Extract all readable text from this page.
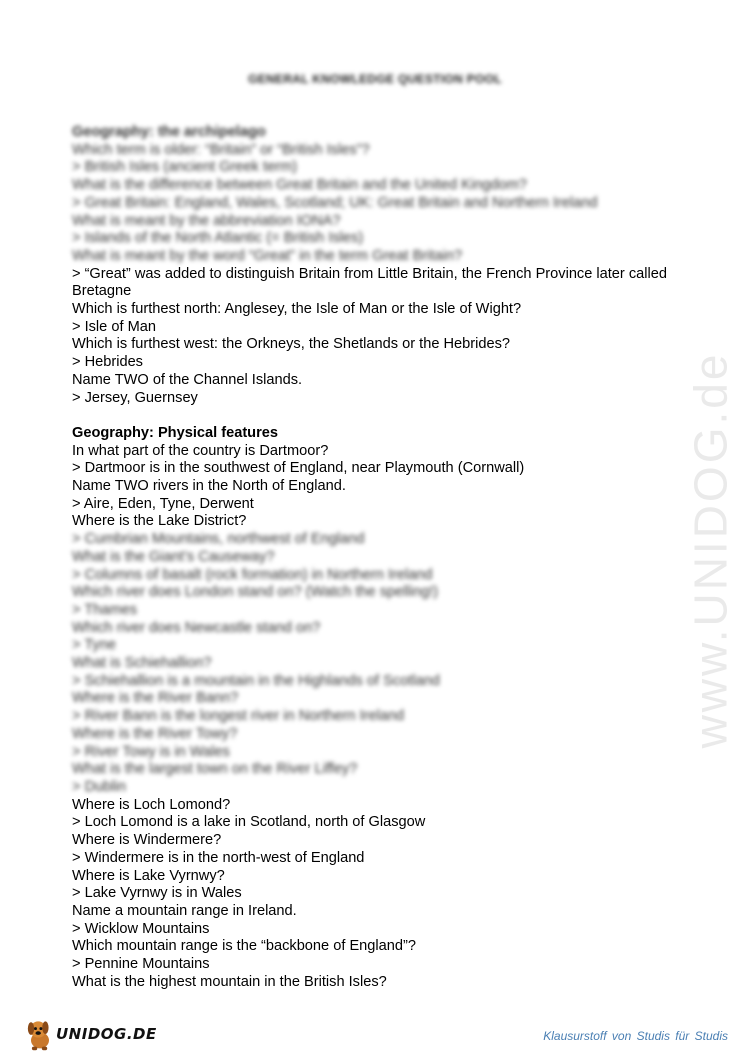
GENERAL KNOWLEDGE QUESTION POOL
Geography: the archipelago
Which term is older: “Britain” or “British Isles”?
> British Isles (ancient Greek term)
What is the difference between Great Britain and the United Kingdom?
> Great Britain: England, Wales, Scotland; UK: Great Britain and Northern Ireland
What is meant by the abbreviation IONA?
> Islands of the North Atlantic (= British Isles)
What is meant by the word “Great” in the term Great Britain?
> “Great” was added to distinguish Britain from Little Britain, the French Province later called Bretagne
Which is furthest north: Anglesey, the Isle of Man or the Isle of Wight?
> Isle of Man
Which is furthest west: the Orkneys, the Shetlands or the Hebrides?
> Hebrides
Name TWO of the Channel Islands.
> Jersey, Guernsey
Geography: Physical features
In what part of the country is Dartmoor?
> Dartmoor is in the southwest of England, near Playmouth (Cornwall)
Name TWO rivers in the North of England.
> Aire, Eden, Tyne, Derwent
Where is the Lake District?
> Cumbrian Mountains, northwest of England
What is the Giant’s Causeway?
> Columns of basalt (rock formation) in Northern Ireland
Which river does London stand on? (Watch the spelling!)
> Thames
Which river does Newcastle stand on?
> Tyne
What is Schiehallion?
> Schiehallion is a mountain in the Highlands of Scotland
Where is the River Bann?
> River Bann is the longest river in Northern Ireland
Where is the River Towy?
> River Towy is in Wales
What is the largest town on the River Liffey?
> Dublin
Where is Loch Lomond?
> Loch Lomond is a lake in Scotland, north of Glasgow
Where is Windermere?
> Windermere is in the north-west of England
Where is Lake Vyrnwy?
> Lake Vyrnwy is in Wales
Name a mountain range in Ireland.
> Wicklow Mountains
Which mountain range is the “backbone of England”?
> Pennine Mountains
What is the highest mountain in the British Isles?
www.UNIDOG.de
UNIDOG.DE	Klausurstoff von Studis für Studis
